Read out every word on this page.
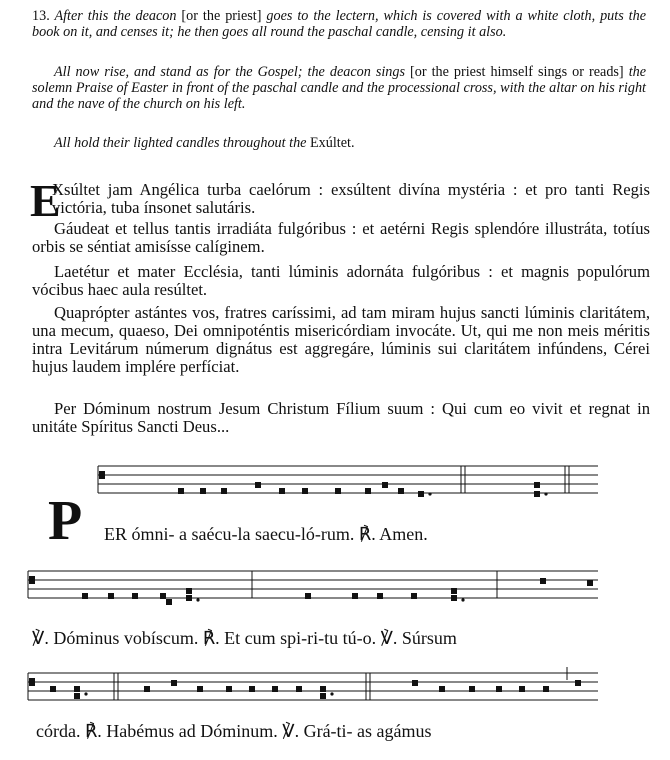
13. After this the deacon [or the priest] goes to the lectern, which is covered with a white cloth, puts the book on it, and censes it; he then goes all round the paschal candle, censing it also.

All now rise, and stand as for the Gospel; the deacon sings [or the priest himself sings or reads] the solemn Praise of Easter in front of the paschal candle and the processional cross, with the altar on his right and the nave of the church on his left.

All hold their lighted candles throughout the Exúltet.

E

Xsúltet jam Angélica turba caelórum : exsúltent divína mystéria : et pro tanti Regis victória, tuba ínsonet salutáris.

Gáudeat et tellus tantis irradiáta fulgóribus : et aetérni Regis splendóre illustráta, totíus orbis se séntiat amisísse calíginem.

Laetétur et mater Ecclésia, tanti lúminis adornáta fulgóribus : et magnis populórum vócibus haec aula resúltet.

Quaprópter astántes vos, fratres caríssimi, ad tam miram hujus sancti lúminis claritátem, una mecum, quaeso, Dei omnipoténtis misericórdiam invocáte. Ut, qui me non meis méritis intra Levitárum númerum dignátus est aggregáre, lúminis sui claritátem infúndens, Cérei hujus laudem implére perfíciat.

Per Dóminum nostrum Jesum Christum Fílium suum : Qui cum eo vivit et regnat in unitáte Spíritus Sancti Deus...

P ER ómni- a saécu-la saecu-ló-rum. ℟. Amen.

℣. Dóminus vobíscum. ℟. Et cum spi-ri-tu tú-o. ℣. Súrsum

córda. ℟. Habémus ad Dóminum. ℣. Grá-ti- as agámus
